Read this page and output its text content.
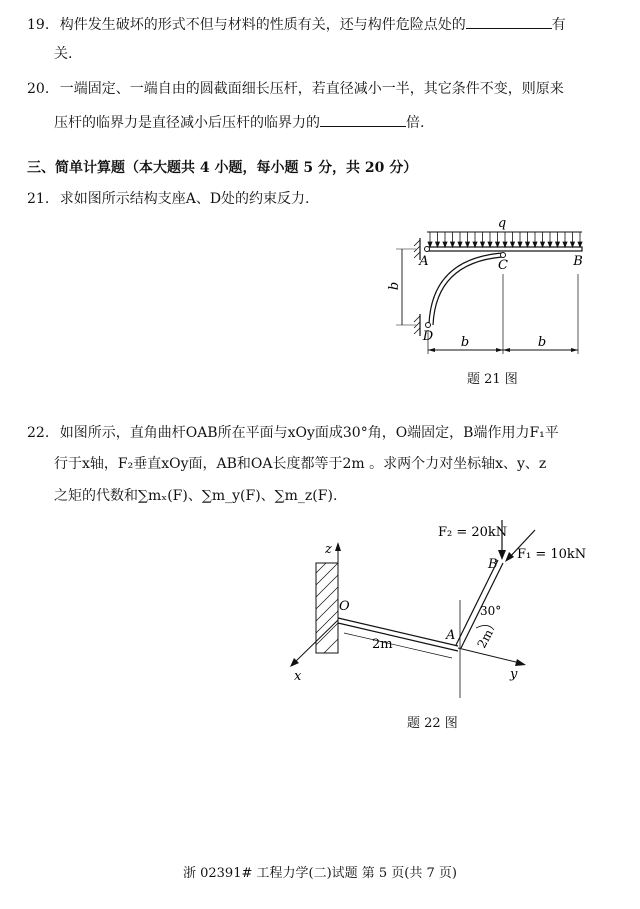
19. 构件发生破坏的形式不但与材料的性质有关，还与构件危险点处的	有
关.
20. 一端固定、一端自由的圆截面细长压杆，若直径减小一半，其它条件不变，则原来
压杆的临界力是直径减小后压杆的临界力的	倍.
三、简单计算题（本大题共 4 小题，每小题 5 分，共 20 分）
21. 求如图所示结构支座A、D处的约束反力.
q
A	C	B
D
b
b	b
题 21 图
22. 如图所示，直角曲杆OAB所在平面与xOy面成30°角，O端固定，B端作用力F₁平
行于x轴，F₂垂直xOy面，AB和OA长度都等于2m 。求两个力对坐标轴x、y、z
之矩的代数和∑mₓ(F)、∑m_y(F)、∑m_z(F).
F₂ = 20kN
F₁ = 10kN
B
z
O
x	y
A
2m
30°
2m
题 22 图
浙 02391# 工程力学(二)试题 第 5 页(共 7 页)
